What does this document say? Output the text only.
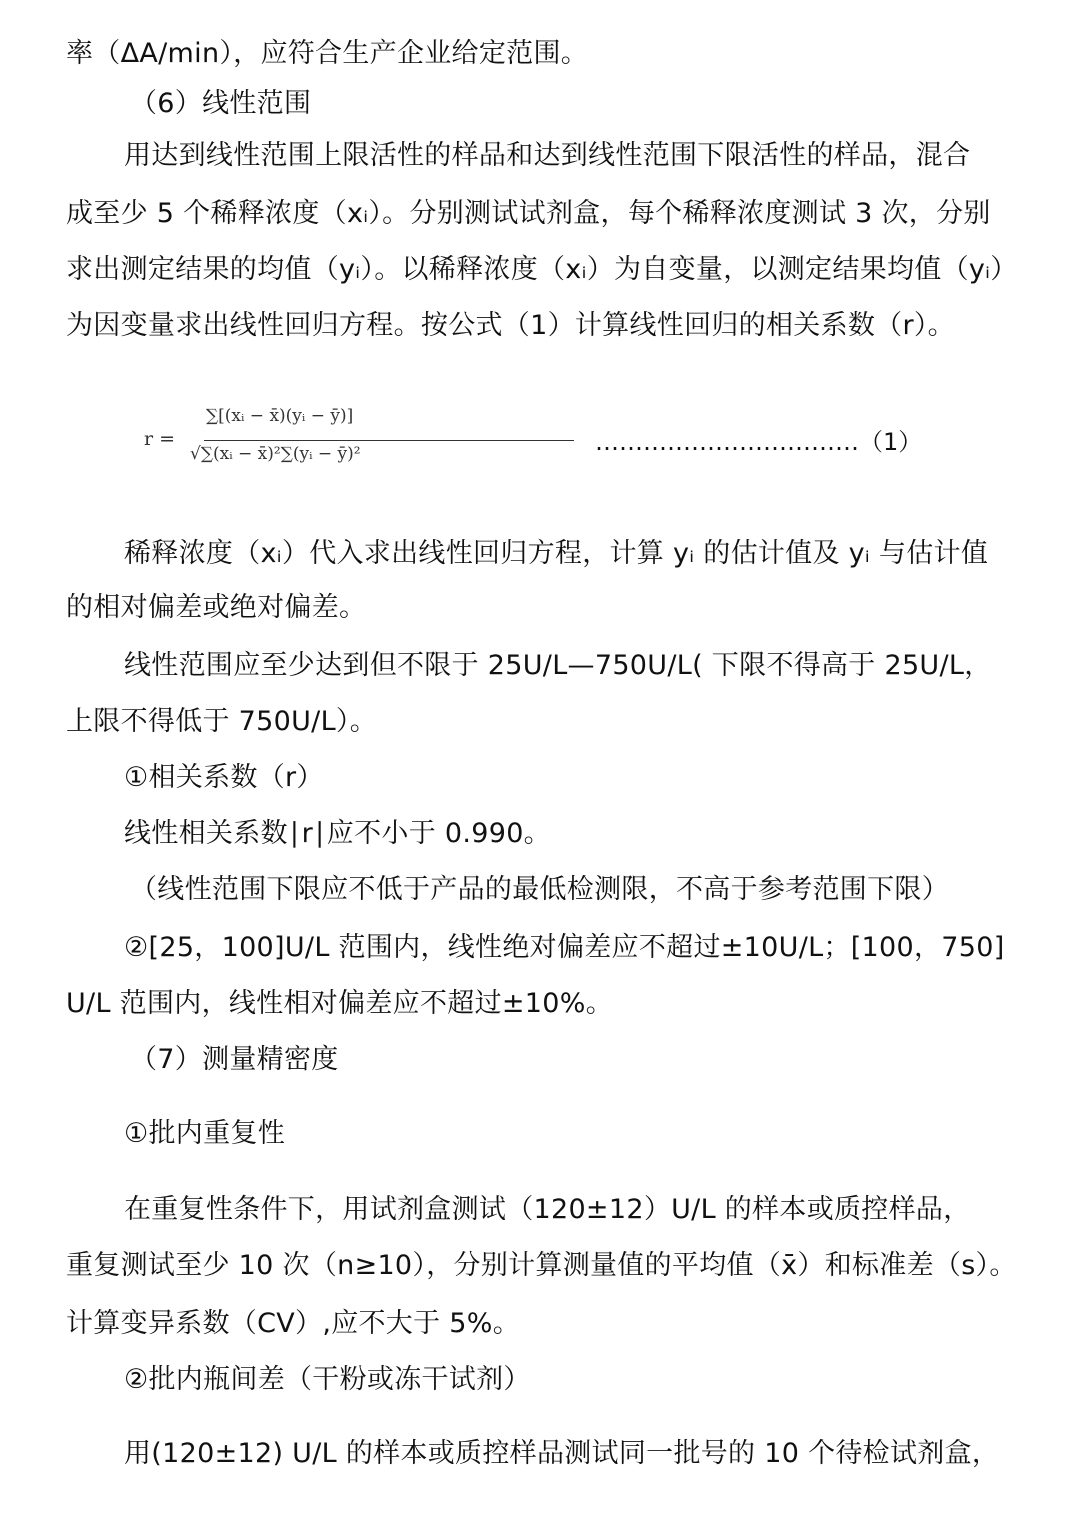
率（ΔA/min），应符合生产企业给定范围。
（6）线性范围
用达到线性范围上限活性的样品和达到线性范围下限活性的样品，混合
成至少 5 个稀释浓度（xᵢ）。分别测试试剂盒，每个稀释浓度测试 3 次，分别
求出测定结果的均值（yᵢ）。以稀释浓度（xᵢ）为自变量，以测定结果均值（yᵢ）
为因变量求出线性回归方程。按公式（1）计算线性回归的相关系数（r）。
r =
∑[(xᵢ − x̄)(yᵢ − ȳ)]
√∑(xᵢ − x̄)²∑(yᵢ − ȳ)²	……………………………（1）
稀释浓度（xᵢ）代入求出线性回归方程，计算 yᵢ 的估计值及 yᵢ 与估计值
的相对偏差或绝对偏差。
线性范围应至少达到但不限于 25U/L—750U/L( 下限不得高于 25U/L，
上限不得低于 750U/L）。
①相关系数（r）
线性相关系数∣r∣应不小于 0.990。
（线性范围下限应不低于产品的最低检测限，不高于参考范围下限）
②[25，100]U/L 范围内，线性绝对偏差应不超过±10U/L；[100，750]
U/L 范围内，线性相对偏差应不超过±10%。
（7）测量精密度
①批内重复性
在重复性条件下，用试剂盒测试（120±12）U/L 的样本或质控样品，
重复测试至少 10 次（n≥10），分别计算测量值的平均值（x̄）和标准差（s）。
计算变异系数（CV）,应不大于 5%。
②批内瓶间差（干粉或冻干试剂）
用(120±12) U/L 的样本或质控样品测试同一批号的 10 个待检试剂盒，
